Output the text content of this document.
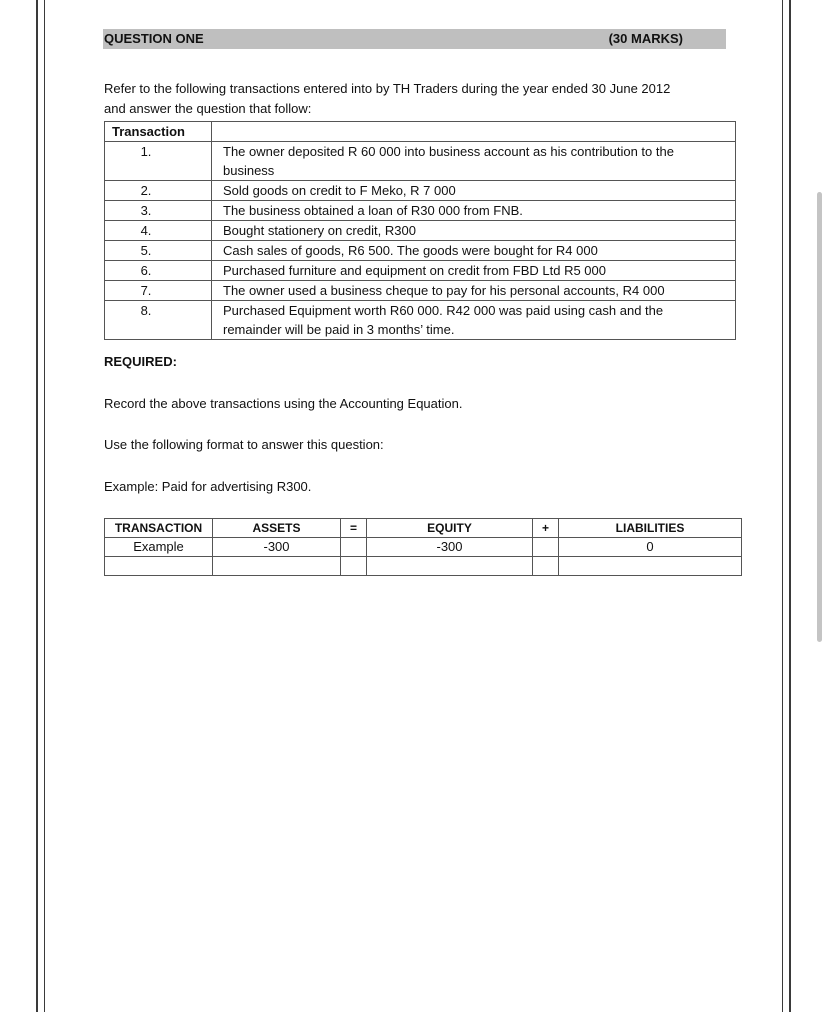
QUESTION ONE	(30 MARKS)
Refer to the following transactions entered into by TH Traders during the year ended 30 June 2012
and answer the question that follow:
Transaction	
1.	The owner deposited R 60 000 into business account as his contribution to the
business

2.	Sold goods on credit to F Meko, R 7 000
3.	The business obtained a loan of R30 000 from FNB.
4.	Bought stationery on credit, R300
5.	Cash sales of goods, R6 500. The goods were bought for R4 000
6.	Purchased furniture and equipment on credit from FBD Ltd R5 000
7.	The owner used a business cheque to pay for his personal accounts, R4 000
8.	Purchased Equipment worth R60 000. R42 000 was paid using cash and the
remainder will be paid in 3 months’ time.
REQUIRED:
Record the above transactions using the Accounting Equation.
Use the following format to answer this question:
Example: Paid for advertising R300.
TRANSACTION	ASSETS	=	EQUITY	+	LIABILITIES
Example	-300		-300		0
